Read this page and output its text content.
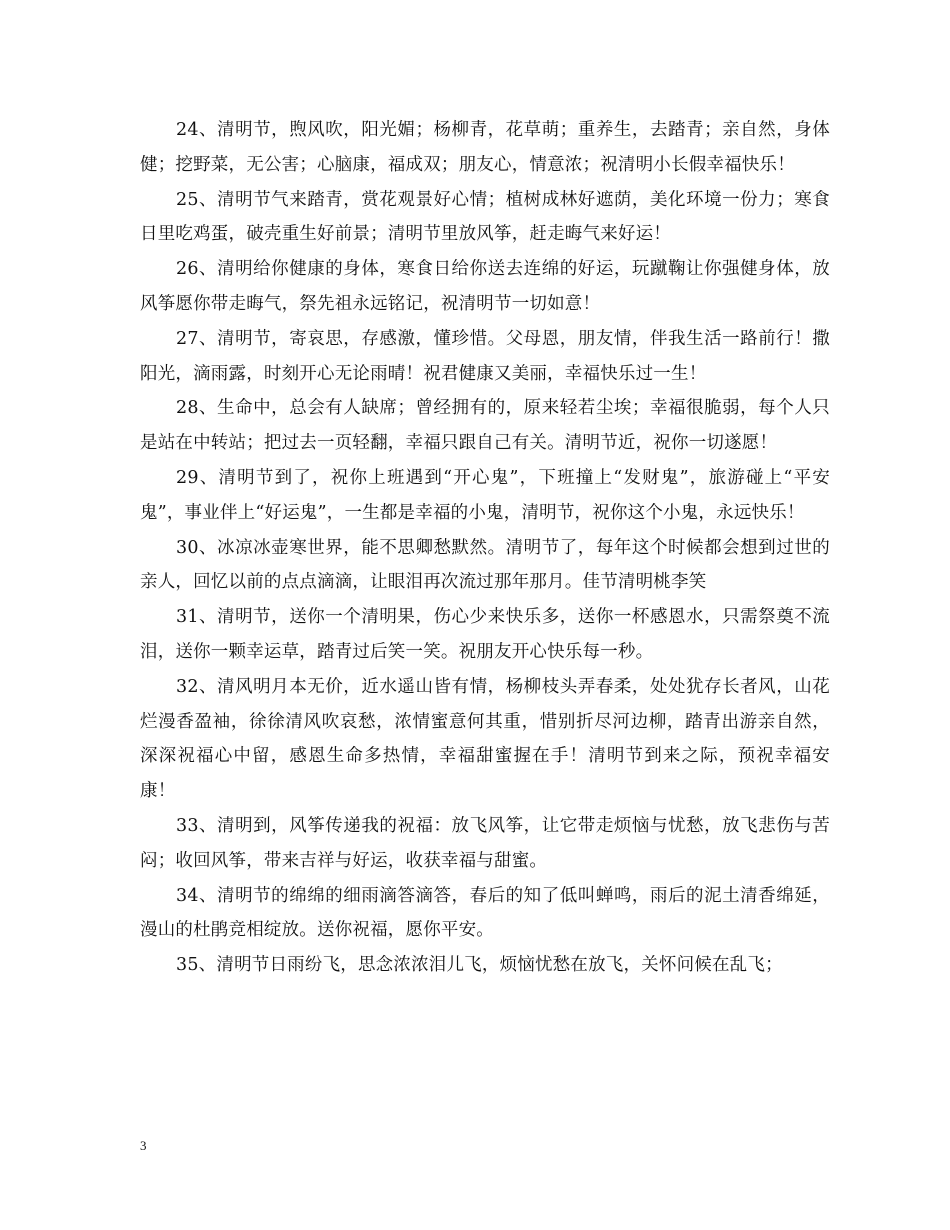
24、清明节，煦风吹，阳光媚；杨柳青，花草萌；重养生，去踏青；亲自然，身体健；挖野菜，无公害；心脑康，福成双；朋友心，情意浓；祝清明小长假幸福快乐！

25、清明节气来踏青，赏花观景好心情；植树成林好遮荫，美化环境一份力；寒食日里吃鸡蛋，破壳重生好前景；清明节里放风筝，赶走晦气来好运！

26、清明给你健康的身体，寒食日给你送去连绵的好运，玩蹴鞠让你强健身体，放风筝愿你带走晦气，祭先祖永远铭记，祝清明节一切如意！

27、清明节，寄哀思，存感激，懂珍惜。父母恩，朋友情，伴我生活一路前行！撒阳光，滴雨露，时刻开心无论雨晴！祝君健康又美丽，幸福快乐过一生！

28、生命中，总会有人缺席；曾经拥有的，原来轻若尘埃；幸福很脆弱，每个人只是站在中转站；把过去一页轻翻，幸福只跟自己有关。清明节近，祝你一切遂愿！

29、清明节到了，祝你上班遇到“开心鬼”，下班撞上“发财鬼”，旅游碰上“平安鬼”，事业伴上“好运鬼”，一生都是幸福的小鬼，清明节，祝你这个小鬼，永远快乐！

30、冰凉冰壶寒世界，能不思卿愁默然。清明节了，每年这个时候都会想到过世的亲人，回忆以前的点点滴滴，让眼泪再次流过那年那月。佳节清明桃李笑

31、清明节，送你一个清明果，伤心少来快乐多，送你一杯感恩水，只需祭奠不流泪，送你一颗幸运草，踏青过后笑一笑。祝朋友开心快乐每一秒。

32、清风明月本无价，近水遥山皆有情，杨柳枝头弄春柔，处处犹存长者风，山花烂漫香盈袖，徐徐清风吹哀愁，浓情蜜意何其重，惜别折尽河边柳，踏青出游亲自然，深深祝福心中留，感恩生命多热情，幸福甜蜜握在手！清明节到来之际，预祝幸福安康！

33、清明到，风筝传递我的祝福：放飞风筝，让它带走烦恼与忧愁，放飞悲伤与苦闷；收回风筝，带来吉祥与好运，收获幸福与甜蜜。

34、清明节的绵绵的细雨滴答滴答，春后的知了低叫蝉鸣，雨后的泥土清香绵延，漫山的杜鹃竞相绽放。送你祝福，愿你平安。

35、清明节日雨纷飞，思念浓浓泪儿飞，烦恼忧愁在放飞，关怀问候在乱飞；

3
